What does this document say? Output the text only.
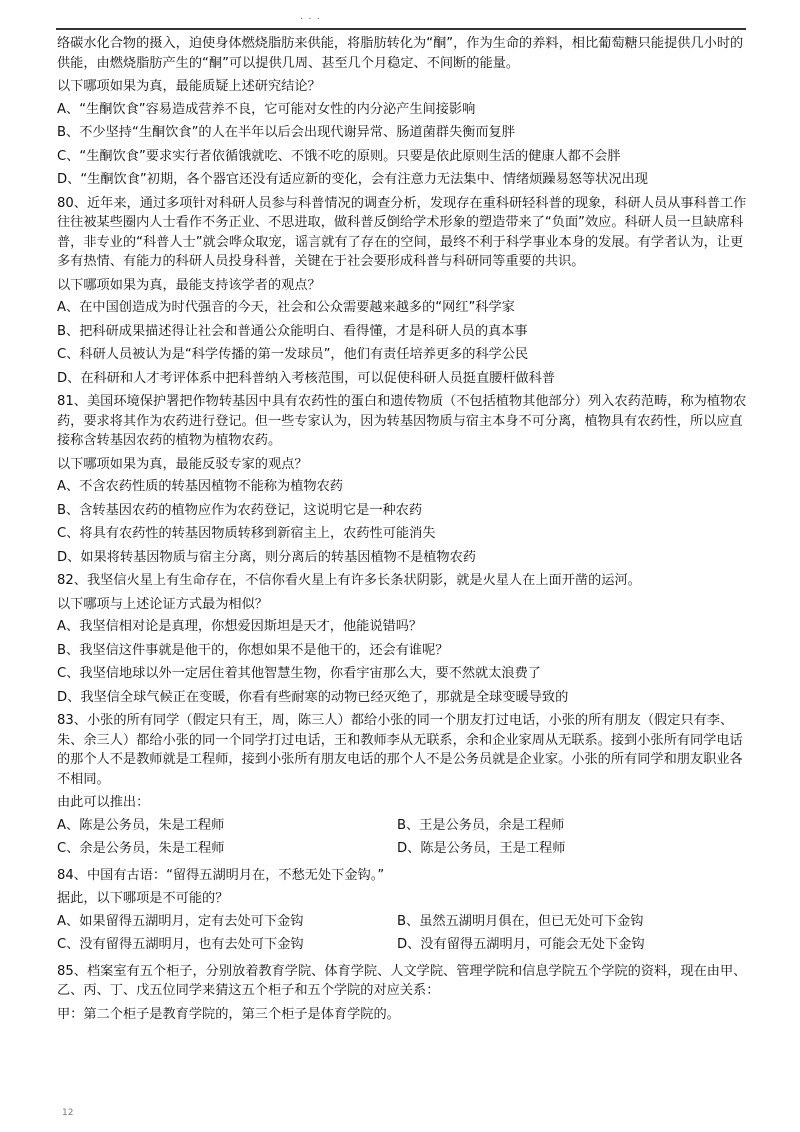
· · ·
络碳水化合物的摄入，迫使身体燃烧脂肪来供能，将脂肪转化为“酮”，作为生命的养料，相比葡萄糖只能提供几小时的供能，由燃烧脂肪产生的“酮”可以提供几周、甚至几个月稳定、不间断的能量。
以下哪项如果为真，最能质疑上述研究结论？
A、“生酮饮食”容易造成营养不良，它可能对女性的内分泌产生间接影响
B、不少坚持“生酮饮食”的人在半年以后会出现代谢异常、肠道菌群失衡而复胖
C、“生酮饮食”要求实行者依循饿就吃、不饿不吃的原则。只要是依此原则生活的健康人都不会胖
D、“生酮饮食”初期，各个器官还没有适应新的变化，会有注意力无法集中、情绪烦躁易怒等状况出现
80、近年来，通过多项针对科研人员参与科普情况的调查分析，发现存在重科研轻科普的现象，科研人员从事科普工作往往被某些圈内人士看作不务正业、不思进取，做科普反倒给学术形象的塑造带来了“负面”效应。科研人员一旦缺席科普，非专业的“科普人士”就会哗众取宠，谣言就有了存在的空间，最终不利于科学事业本身的发展。有学者认为，让更多有热情、有能力的科研人员投身科普，关键在于社会要形成科普与科研同等重要的共识。
以下哪项如果为真，最能支持该学者的观点？
A、在中国创造成为时代强音的今天，社会和公众需要越来越多的“网红”科学家
B、把科研成果描述得让社会和普通公众能明白、看得懂，才是科研人员的真本事
C、科研人员被认为是“科学传播的第一发球员”，他们有责任培养更多的科学公民
D、在科研和人才考评体系中把科普纳入考核范围，可以促使科研人员挺直腰杆做科普
81、美国环境保护署把作物转基因中具有农药性的蛋白和遗传物质（不包括植物其他部分）列入农药范畴，称为植物农药，要求将其作为农药进行登记。但一些专家认为，因为转基因物质与宿主本身不可分离，植物具有农药性，所以应直接称含转基因农药的植物为植物农药。
以下哪项如果为真，最能反驳专家的观点？
A、不含农药性质的转基因植物不能称为植物农药
B、含转基因农药的植物应作为农药登记，这说明它是一种农药
C、将具有农药性的转基因物质转移到新宿主上，农药性可能消失
D、如果将转基因物质与宿主分离，则分离后的转基因植物不是植物农药
82、我坚信火星上有生命存在，不信你看火星上有许多长条状阴影，就是火星人在上面开凿的运河。
以下哪项与上述论证方式最为相似？
A、我坚信相对论是真理，你想爱因斯坦是天才，他能说错吗？
B、我坚信这件事就是他干的，你想如果不是他干的，还会有谁呢？
C、我坚信地球以外一定居住着其他智慧生物，你看宇宙那么大，要不然就太浪费了
D、我坚信全球气候正在变暖，你看有些耐寒的动物已经灭绝了，那就是全球变暖导致的
83、小张的所有同学（假定只有王，周，陈三人）都给小张的同一个朋友打过电话，小张的所有朋友（假定只有李、朱、余三人）都给小张的同一个同学打过电话，王和教师李从无联系，余和企业家周从无联系。接到小张所有同学电话的那个人不是教师就是工程师，接到小张所有朋友电话的那个人不是公务员就是企业家。小张的所有同学和朋友职业各不相同。
由此可以推出：
A、陈是公务员，朱是工程师	B、王是公务员，余是工程师
C、余是公务员，朱是工程师	D、陈是公务员，王是工程师
84、中国有古语：“留得五湖明月在，不愁无处下金钩。”
据此，以下哪项是不可能的？
A、如果留得五湖明月，定有去处可下金钩	B、虽然五湖明月俱在，但已无处可下金钩
C、没有留得五湖明月，也有去处可下金钩	D、没有留得五湖明月，可能会无处下金钩
85、档案室有五个柜子，分别放着教育学院、体育学院、人文学院、管理学院和信息学院五个学院的资料，现在由甲、乙、丙、丁、戊五位同学来猜这五个柜子和五个学院的对应关系：
甲：第二个柜子是教育学院的，第三个柜子是体育学院的。
12
